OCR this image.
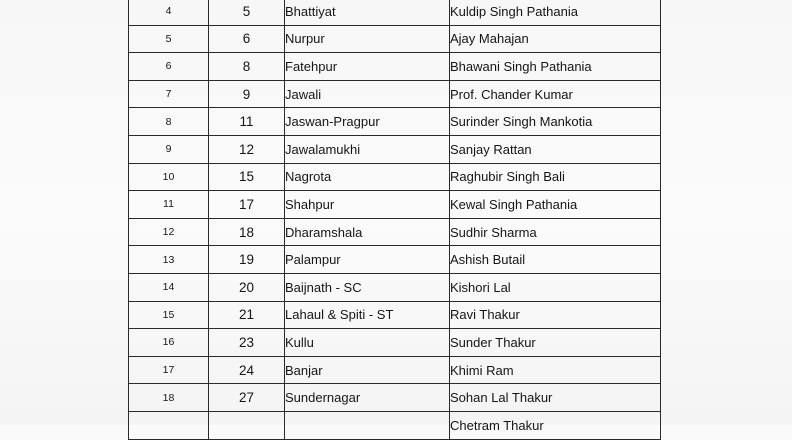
4	5	Bhattiyat	Kuldip Singh Pathania
5	6	Nurpur	Ajay Mahajan
6	8	Fatehpur	Bhawani Singh Pathania
7	9	Jawali	Prof. Chander Kumar
8	11	Jaswan-Pragpur	Surinder Singh Mankotia
9	12	Jawalamukhi	Sanjay Rattan
10	15	Nagrota	Raghubir Singh Bali
11	17	Shahpur	Kewal Singh Pathania
12	18	Dharamshala	Sudhir Sharma
13	19	Palampur	Ashish Butail
14	20	Baijnath - SC	Kishori Lal
15	21	Lahaul & Spiti - ST	Ravi Thakur
16	23	Kullu	Sunder Thakur
17	24	Banjar	Khimi Ram
18	27	Sundernagar	Sohan Lal Thakur
			Chetram Thakur
